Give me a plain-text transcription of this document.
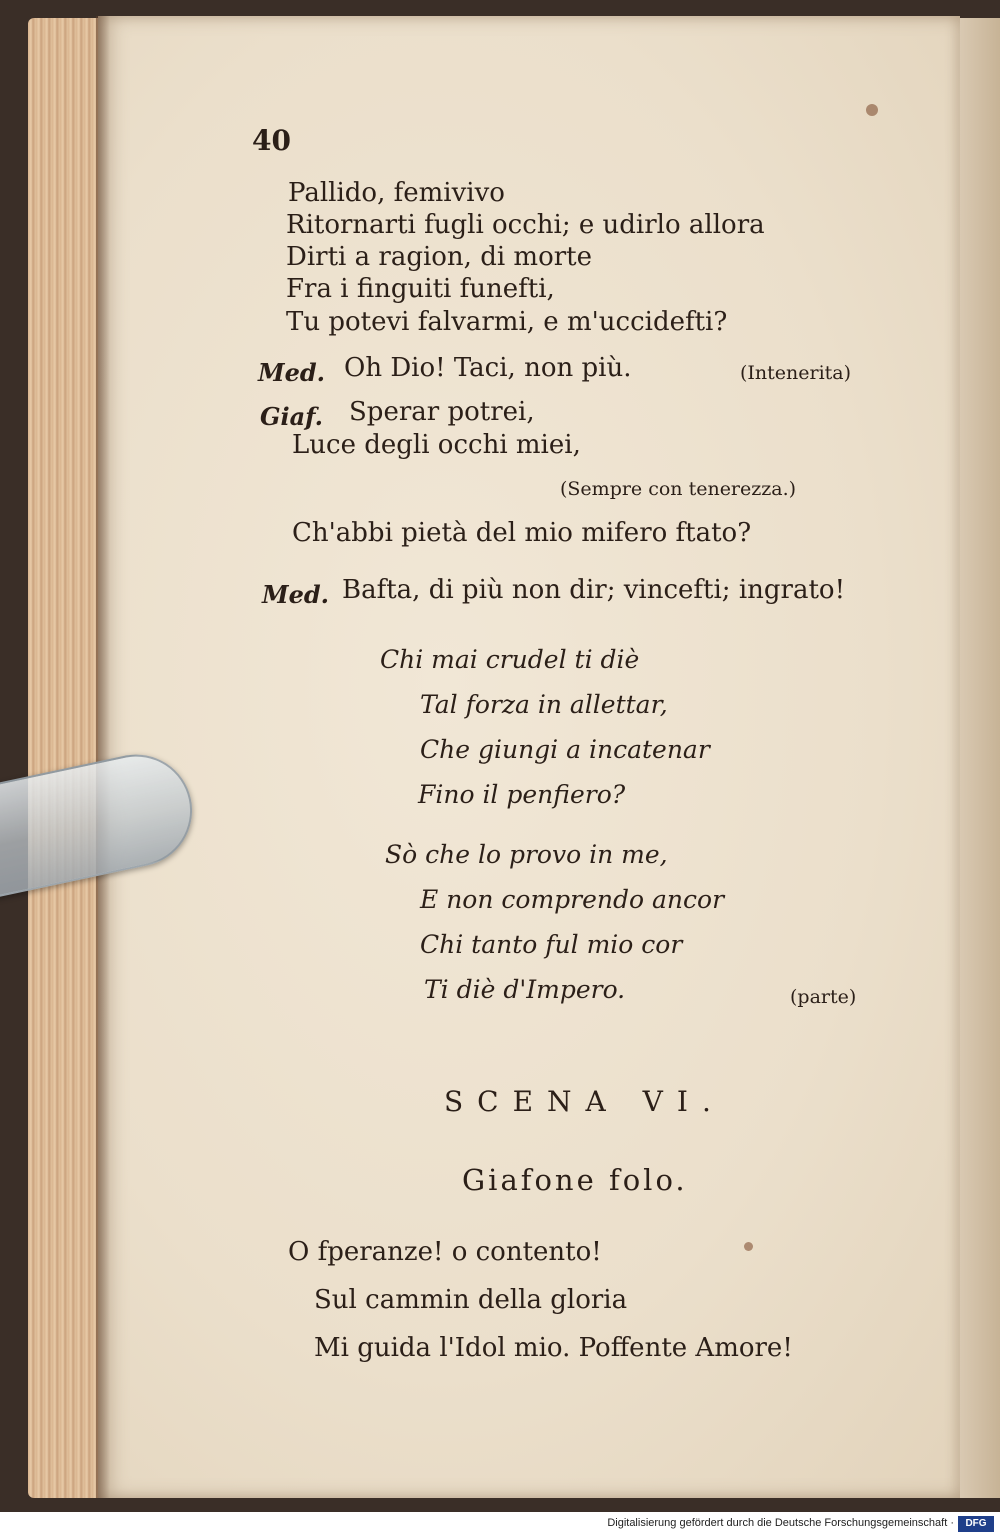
40
Pallido, femivivo
Ritornarti fugli occhi; e udirlo allora
Dirti a ragion, di morte
Fra i finguiti funefti,
Tu potevi falvarmi, e m'uccidefti?
Med. Oh Dio! Taci, non più.	(Intenerita)
Giaf. Sperar potrei,
Luce degli occhi miei,
(Sempre con tenerezza.)
Ch'abbi pietà del mio mifero ftato?
Med. Bafta, di più non dir; vincefti; ingrato!
Chi mai crudel ti diè
Tal forza in allettar,
Che giungi a incatenar
Fino il penfiero?
Sò che lo provo in me,
E non comprendo ancor
Chi tanto ful mio cor
Ti diè d'Impero.	(parte)
SCENA VI.
Giafone folo.
O fperanze! o contento!
Sul cammin della gloria
Mi guida l'Idol mio. Poffente Amore!
Digitalisierung gefördert durch die Deutsche Forschungsgemeinschaft ·	DFG
